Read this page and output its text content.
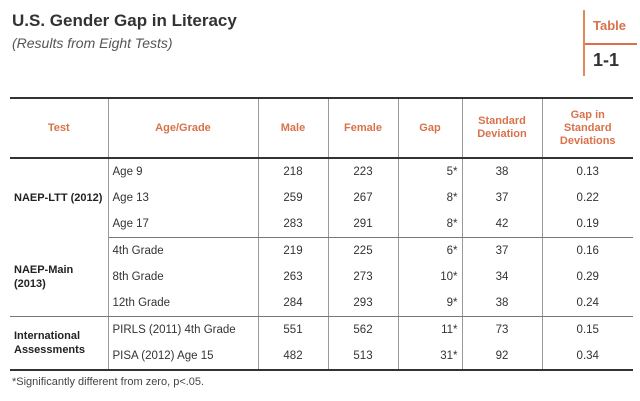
U.S. Gender Gap in Literacy
(Results from Eight Tests)
Table
1-1
Test	Age/Grade	Male	Female	Gap	Standard Deviation	Gap in Standard Deviations
NAEP-LTT (2012)	Age 9	218	223	5*	38	0.13
	Age 13	259	267	8*	37	0.22
	Age 17	283	291	8*	42	0.19
NAEP-Main (2013)	4th Grade	219	225	6*	37	0.16
	8th Grade	263	273	10*	34	0.29
	12th Grade	284	293	9*	38	0.24
International Assessments	PIRLS (2011) 4th Grade	551	562	11*	73	0.15
	PISA (2012) Age 15	482	513	31*	92	0.34
*Significantly different from zero, p<.05.
